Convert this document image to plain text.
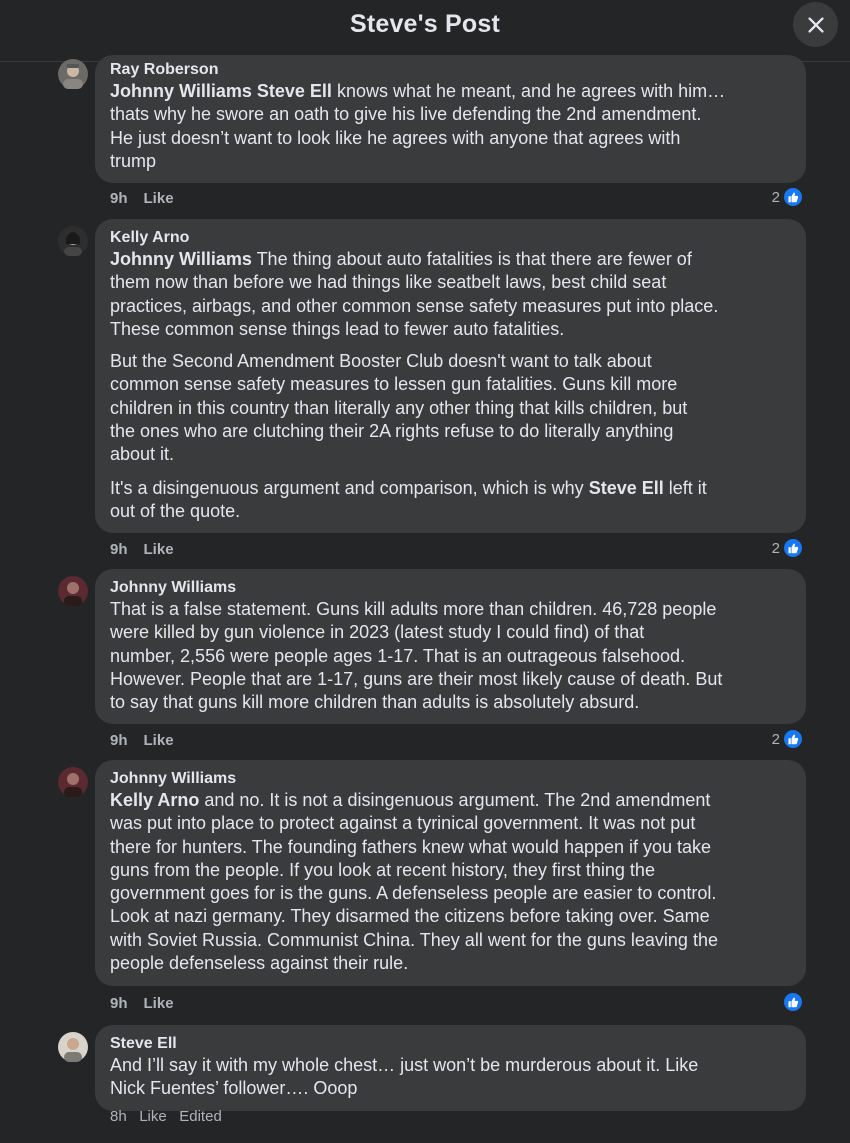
Steve's Post
Ray Roberson
Johnny Williams Steve Ell knows what he meant, and he agrees with him…
thats why he swore an oath to give his live defending the 2nd amendment.
He just doesn’t want to look like he agrees with anyone that agrees with
trump
9h Like	2
Kelly Arno
Johnny Williams The thing about auto fatalities is that there are fewer of
them now than before we had things like seatbelt laws, best child seat
practices, airbags, and other common sense safety measures put into place.
These common sense things lead to fewer auto fatalities.
But the Second Amendment Booster Club doesn't want to talk about
common sense safety measures to lessen gun fatalities. Guns kill more
children in this country than literally any other thing that kills children, but
the ones who are clutching their 2A rights refuse to do literally anything
about it.
It's a disingenuous argument and comparison, which is why Steve Ell left it
out of the quote.
9h Like	2
Johnny Williams
That is a false statement. Guns kill adults more than children. 46,728 people
were killed by gun violence in 2023 (latest study I could find) of that
number, 2,556 were people ages 1-17. That is an outrageous falsehood.
However. People that are 1-17, guns are their most likely cause of death. But
to say that guns kill more children than adults is absolutely absurd.
9h Like	2
Johnny Williams
Kelly Arno and no. It is not a disingenuous argument. The 2nd amendment
was put into place to protect against a tyrinical government. It was not put
there for hunters. The founding fathers knew what would happen if you take
guns from the people. If you look at recent history, they first thing the
government goes for is the guns. A defenseless people are easier to control.
Look at nazi germany. They disarmed the citizens before taking over. Same
with Soviet Russia. Communist China. They all went for the guns leaving the
people defenseless against their rule.
9h Like
Steve Ell
And I’ll say it with my whole chest… just won’t be murderous about it. Like
Nick Fuentes’ follower…. Ooop
8h Like Edited
